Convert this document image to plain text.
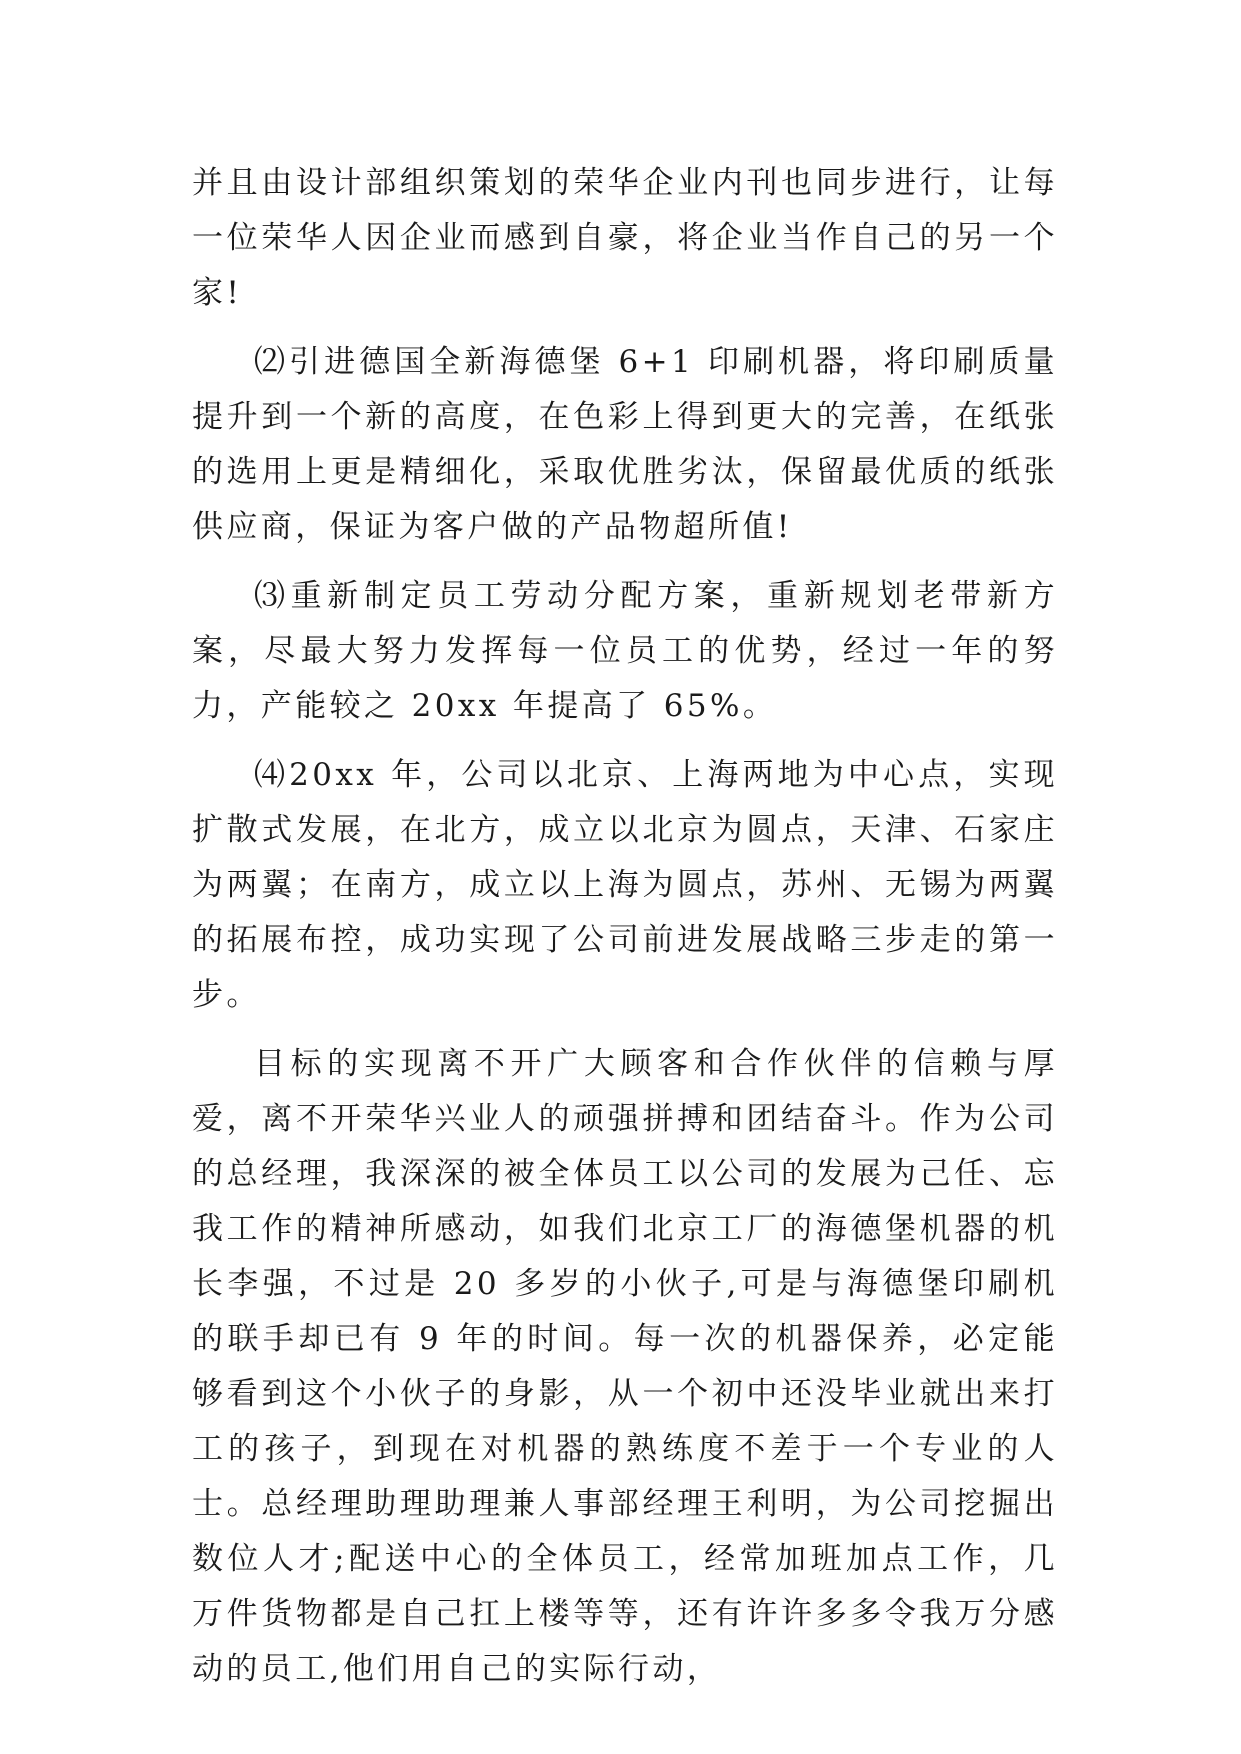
并且由设计部组织策划的荣华企业内刊也同步进行，让每一位荣华人因企业而感到自豪，将企业当作自己的另一个家!

⑵引进德国全新海德堡 6+1 印刷机器，将印刷质量提升到一个新的高度，在色彩上得到更大的完善，在纸张的选用上更是精细化，采取优胜劣汰，保留最优质的纸张供应商，保证为客户做的产品物超所值!

⑶重新制定员工劳动分配方案，重新规划老带新方案，尽最大努力发挥每一位员工的优势，经过一年的努力，产能较之 20xx 年提高了 65%。

⑷20xx 年，公司以北京、上海两地为中心点，实现扩散式发展，在北方，成立以北京为圆点，天津、石家庄为两翼；在南方，成立以上海为圆点，苏州、无锡为两翼的拓展布控，成功实现了公司前进发展战略三步走的第一步。

目标的实现离不开广大顾客和合作伙伴的信赖与厚爱，离不开荣华兴业人的顽强拼搏和团结奋斗。作为公司的总经理，我深深的被全体员工以公司的发展为己任、忘我工作的精神所感动，如我们北京工厂的海德堡机器的机长李强，不过是 20 多岁的小伙子,可是与海德堡印刷机的联手却已有 9 年的时间。每一次的机器保养，必定能够看到这个小伙子的身影，从一个初中还没毕业就出来打工的孩子，到现在对机器的熟练度不差于一个专业的人士。总经理助理助理兼人事部经理王利明，为公司挖掘出数位人才;配送中心的全体员工，经常加班加点工作，几万件货物都是自己扛上楼等等，还有许许多多令我万分感动的员工,他们用自己的实际行动，
